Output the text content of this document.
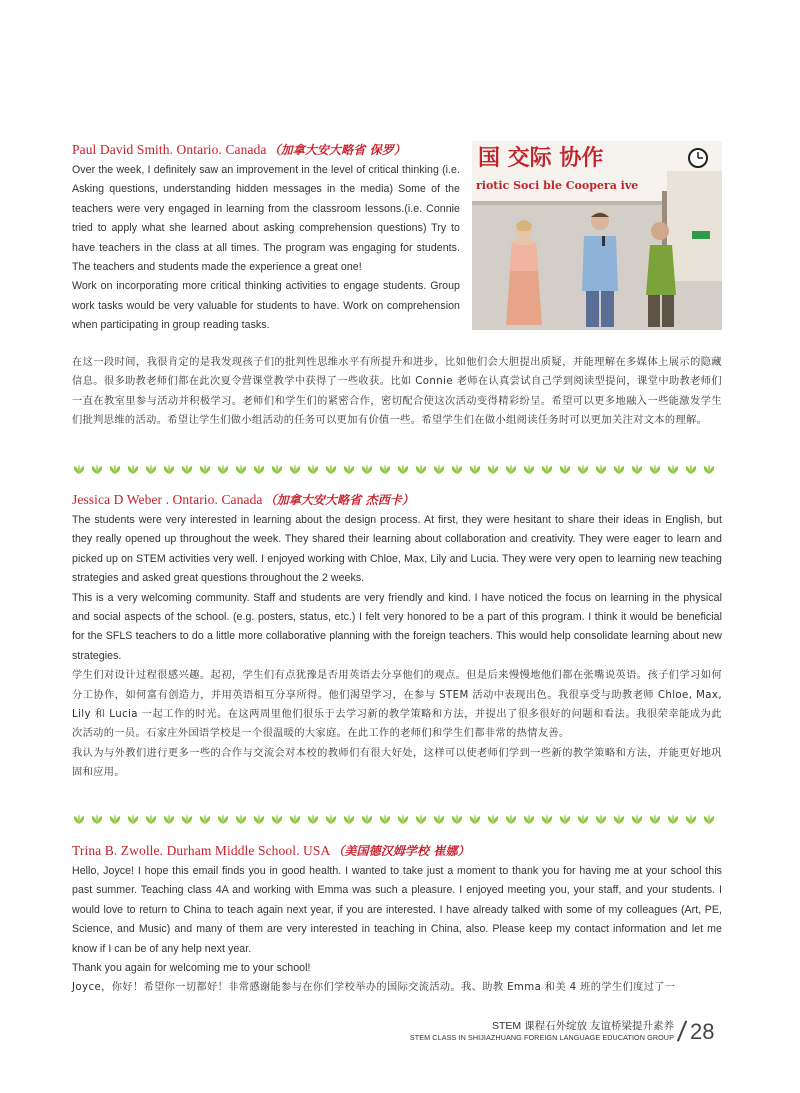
Paul David Smith. Ontario. Canada （加拿大安大略省 保罗）

Over the week, I definitely saw an improvement in the level of critical thinking (i.e. Asking questions, understanding hidden messages in the media) Some of the teachers were very engaged in learning from the classroom lessons.(i.e. Connie tried to apply what she learned about asking comprehension questions) Try to have teachers in the class at all times. The program was engaging for students. The teachers and students made the experience a great one!

Work on incorporating more critical thinking activities to engage students. Group work tasks would be very valuable for students to have. Work on comprehension when participating in group reading tasks.

国 交际 协作
riotic Soci ble Coopera ive

在这一段时间，我很肯定的是我发现孩子们的批判性思维水平有所提升和进步，比如他们会大胆提出质疑，并能理解在多媒体上展示的隐藏信息。很多助教老师们都在此次夏令营课堂教学中获得了一些收获。比如 Connie 老师在认真尝试自己学到阅读型提问，课堂中助教老师们一直在教室里参与活动并积极学习。老师们和学生们的紧密合作，密切配合使这次活动变得精彩纷呈。希望可以更多地融入一些能激发学生们批判思维的活动。希望让学生们做小组活动的任务可以更加有价值一些。希望学生们在做小组阅读任务时可以更加关注对文本的理解。

Jessica D Weber . Ontario. Canada （加拿大安大略省 杰西卡）

The students were very interested in learning about the design process. At first, they were hesitant to share their ideas in English, but they really opened up throughout the week. They shared their learning about collaboration and creativity. They were eager to learn and picked up on STEM activities very well. I enjoyed working with Chloe, Max, Lily and Lucia. They were very open to learning new teaching strategies and asked great questions throughout the 2 weeks.

This is a very welcoming community. Staff and students are very friendly and kind. I have noticed the focus on learning in the physical and social aspects of the school. (e.g. posters, status, etc.) I felt very honored to be a part of this program. I think it would be beneficial for the SFLS teachers to do a little more collaborative planning with the foreign teachers. This would help consolidate learning about new strategies.

学生们对设计过程很感兴趣。起初，学生们有点犹豫是否用英语去分享他们的观点。但是后来慢慢地他们都在张嘴说英语。孩子们学习如何分工协作，如何富有创造力，并用英语相互分享所得。他们渴望学习，在参与 STEM 活动中表现出色。我很享受与助教老师 Chloe, Max, Lily 和 Lucia 一起工作的时光。在这两周里他们很乐于去学习新的教学策略和方法，并提出了很多很好的问题和看法。我很荣幸能成为此次活动的一员。石家庄外国语学校是一个很温暖的大家庭。在此工作的老师们和学生们都非常的热情友善。

我认为与外教们进行更多一些的合作与交流会对本校的教师们有很大好处，这样可以使老师们学到一些新的教学策略和方法，并能更好地巩固和应用。

Trina B. Zwolle. Durham Middle School. USA （美国德汉姆学校 崔娜）

Hello, Joyce! I hope this email finds you in good health. I wanted to take just a moment to thank you for having me at your school this past summer. Teaching class 4A and working with Emma was such a pleasure. I enjoyed meeting you, your staff, and your students. I would love to return to China to teach again next year, if you are interested. I have already talked with some of my colleagues (Art, PE, Science, and Music) and many of them are very interested in teaching in China, also. Please keep my contact information and let me know if I can be of any help next year.

Thank you again for welcoming me to your school!

Joyce，你好！希望你一切都好！非常感谢能参与在你们学校举办的国际交流活动。我、助教 Emma 和美 4 班的学生们度过了一

STEM 课程石外绽放 友谊桥梁提升素养
STEM CLASS IN SHIJIAZHUANG FOREIGN LANGUAGE EDUCATION GROUP / 28
